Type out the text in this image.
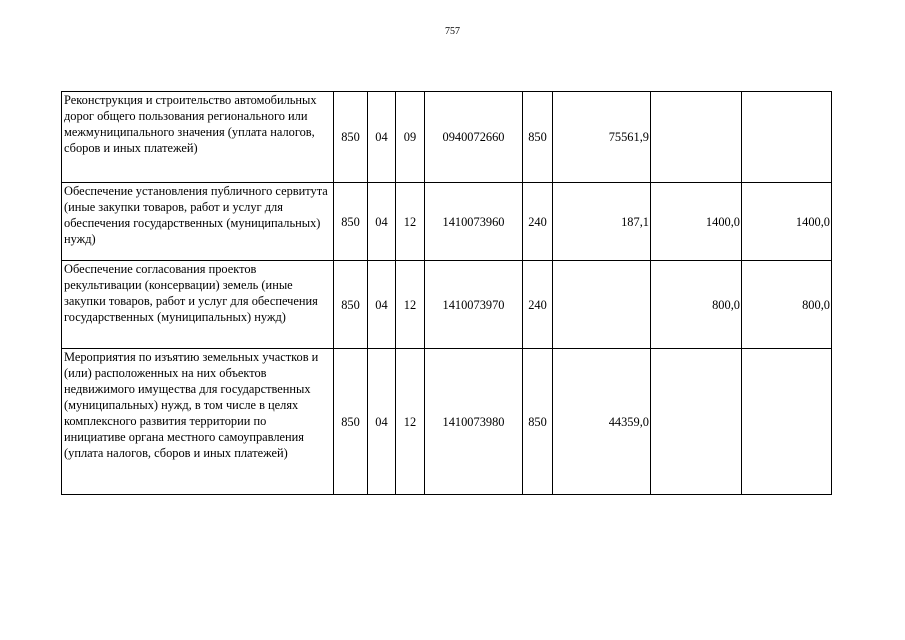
757
Реконструкция и строительство автомобильных дорог общего пользования регионального или межмуниципального значения (уплата налогов, сборов и иных платежей)	850	04	09	0940072660	850	75561,9		
Обеспечение установления публичного сервитута (иные закупки товаров, работ и услуг для обеспечения государственных (муниципальных) нужд)	850	04	12	1410073960	240	187,1	1400,0	1400,0
Обеспечение согласования проектов рекультивации (консервации) земель (иные закупки товаров, работ и услуг для обеспечения государственных (муниципальных) нужд)	850	04	12	1410073970	240		800,0	800,0
Мероприятия по изъятию земельных участков и (или) расположенных на них объектов недвижимого имущества для государственных (муниципальных) нужд, в том числе в целях комплексного развития территории по инициативе органа местного самоуправления (уплата налогов, сборов и иных платежей)	850	04	12	1410073980	850	44359,0		
